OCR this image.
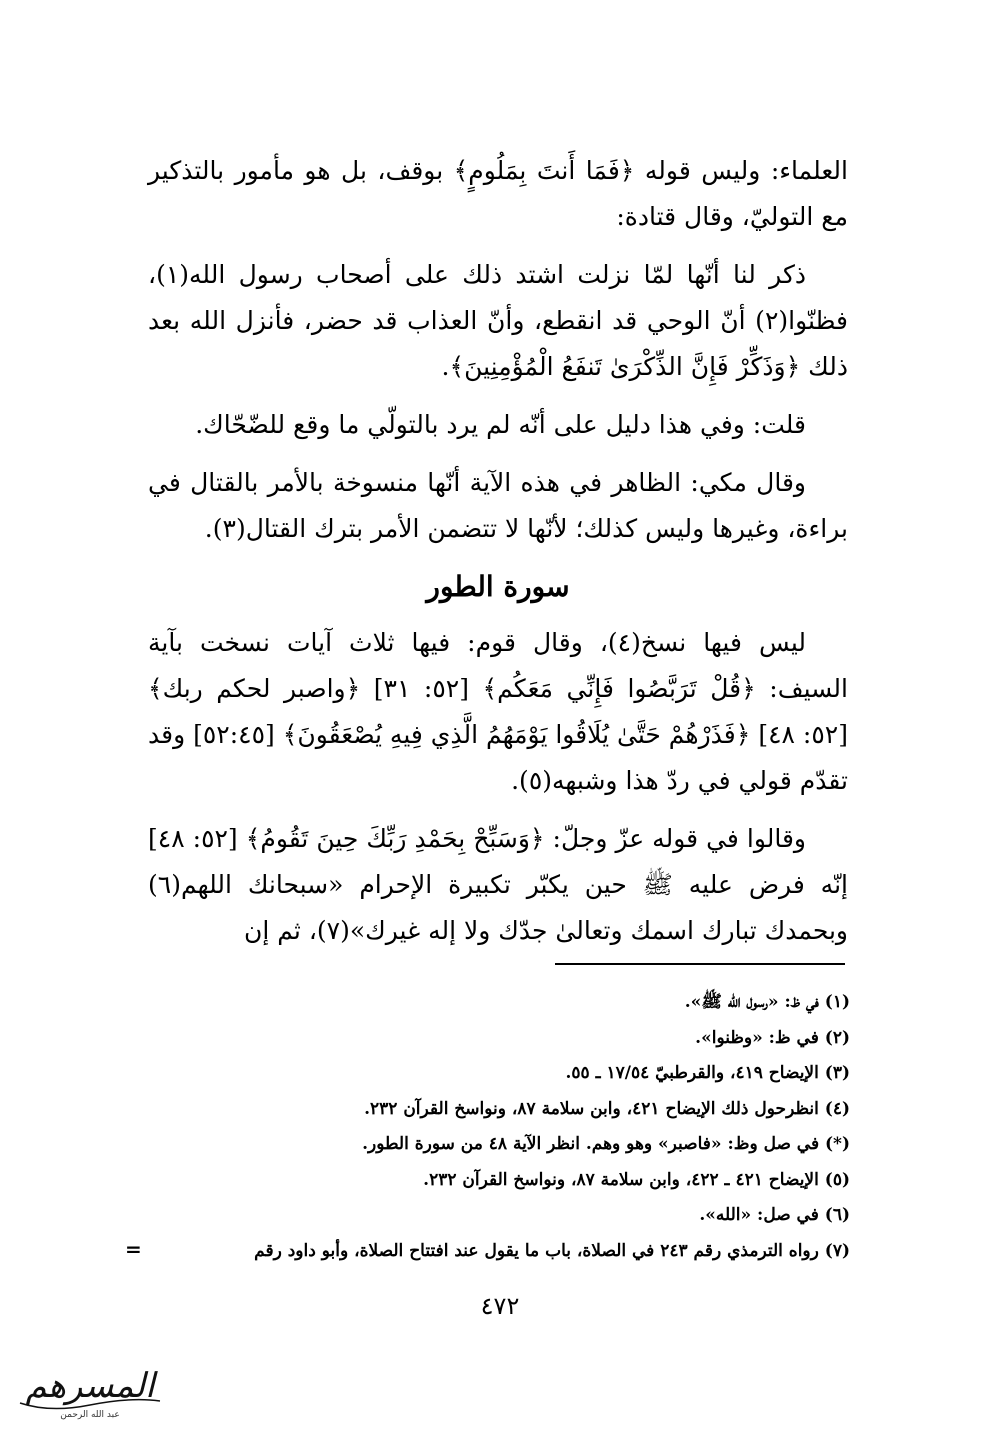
العلماء: وليس قوله ﴿فَمَا أَنتَ بِمَلُومٍ﴾ بوقف، بل هو مأمور بالتذكير مع التوليّ، وقال قتادة:

ذكر لنا أنّها لمّا نزلت اشتد ذلك على أصحاب رسول الله(١)، فظنّوا(٢) أنّ الوحي قد انقطع، وأنّ العذاب قد حضر، فأنزل الله بعد ذلك ﴿وَذَكِّرْ فَإِنَّ الذِّكْرَىٰ تَنفَعُ الْمُؤْمِنِينَ﴾.

قلت: وفي هذا دليل على أنّه لم يرد بالتولّي ما وقع للضّحّاك.

وقال مكي: الظاهر في هذه الآية أنّها منسوخة بالأمر بالقتال في براءة، وغيرها وليس كذلك؛ لأنّها لا تتضمن الأمر بترك القتال(٣).

سورة الطور

ليس فيها نسخ(٤)، وقال قوم: فيها ثلاث آيات نسخت بآية السيف: ﴿قُلْ تَرَبَّصُوا فَإِنِّي مَعَكُم﴾ [٥٢: ٣١] ﴿واصبر لحكم ربك﴾ [٥٢: ٤٨] ﴿فَذَرْهُمْ حَتَّىٰ يُلَاقُوا يَوْمَهُمُ الَّذِي فِيهِ يُصْعَقُونَ﴾ [٥٢:٤٥] وقد تقدّم قولي في ردّ هذا وشبهه(٥).

وقالوا في قوله عزّ وجلّ: ﴿وَسَبِّحْ بِحَمْدِ رَبِّكَ حِينَ تَقُومُ﴾ [٥٢: ٤٨] إنّه فرض عليه ﷺ حين يكبّر تكبيرة الإحرام «سبحانك اللهم(٦) وبحمدك تبارك اسمك وتعالىٰ جدّك ولا إله غيرك»(٧)، ثم إن

(١) في ظ: «رسول الله ﷺ».
(٢) في ظ: «وظنوا».
(٣) الإيضاح ٤١٩، والقرطبيّ ١٧/٥٤ ـ ٥٥.
(٤) انظرحول ذلك الإيضاح ٤٢١، وابن سلامة ٨٧، ونواسخ القرآن ٢٣٢.
(*) في صل وظ: «فاصبر» وهو وهم. انظر الآية ٤٨ من سورة الطور.
(٥) الإيضاح ٤٢١ ـ ٤٢٢، وابن سلامة ٨٧، ونواسخ القرآن ٢٣٢.
(٦) في صل: «الله».
(٧) رواه الترمذي رقم ٢٤٣ في الصلاة، باب ما يقول عند افتتاح الصلاة، وأبو داود رقم
=
٤٧٢
المسرهم
عبد الله الرحمن
